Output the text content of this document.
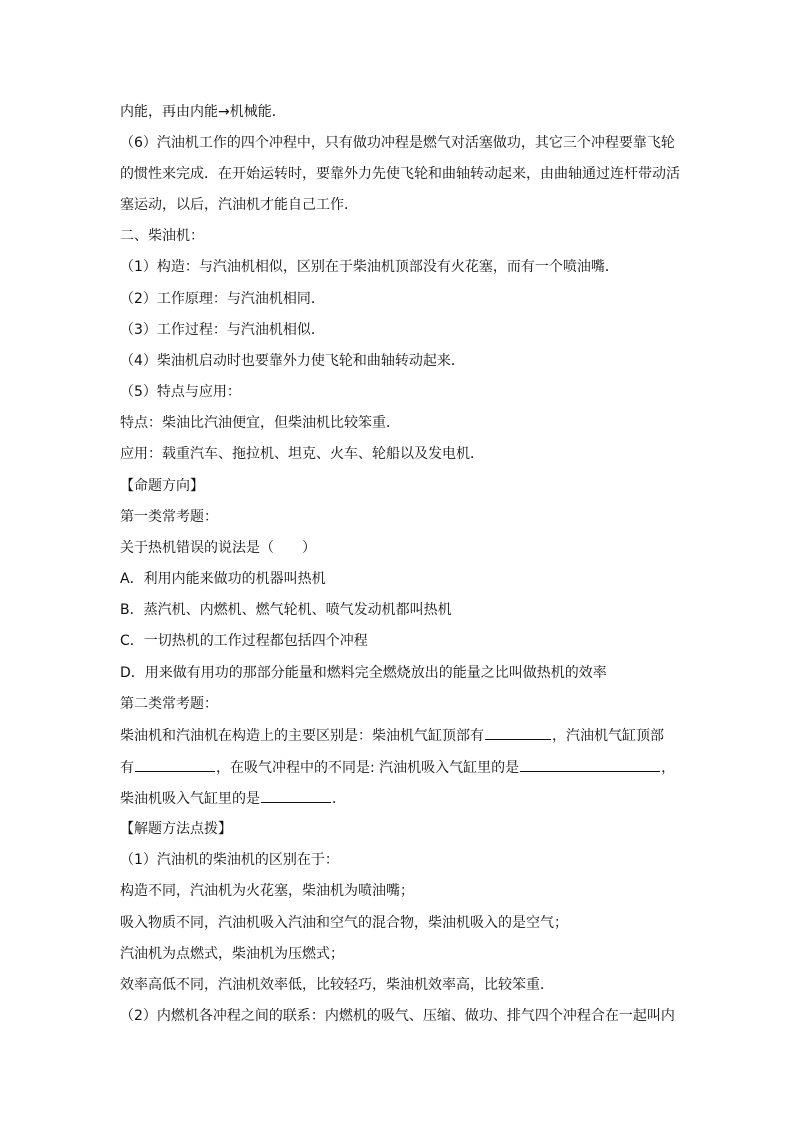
内能，再由内能→机械能．
（6）汽油机工作的四个冲程中，只有做功冲程是燃气对活塞做功，其它三个冲程要靠飞轮
的惯性来完成．在开始运转时，要靠外力先使飞轮和曲轴转动起来，由曲轴通过连杆带动活
塞运动，以后，汽油机才能自己工作．
二、柴油机：
（1）构造：与汽油机相似，区别在于柴油机顶部没有火花塞，而有一个喷油嘴．
（2）工作原理：与汽油机相同．
（3）工作过程：与汽油机相似．
（4）柴油机启动时也要靠外力使飞轮和曲轴转动起来．
（5）特点与应用：
特点：柴油比汽油便宜，但柴油机比较笨重．
应用：载重汽车、拖拉机、坦克、火车、轮船以及发电机．
【命题方向】
第一类常考题：
关于热机错误的说法是（　　）
A．利用内能来做功的机器叫热机
B．蒸汽机、内燃机、燃气轮机、喷气发动机都叫热机
C．一切热机的工作过程都包括四个冲程
D．用来做有用功的那部分能量和燃料完全燃烧放出的能量之比叫做热机的效率
第二类常考题：
柴油机和汽油机在构造上的主要区别是：柴油机气缸顶部有	，汽油机气缸顶部
有	，在吸气冲程中的不同是: 汽油机吸入气缸里的是	，
柴油机吸入气缸里的是	．
【解题方法点拨】
（1）汽油机的柴油机的区别在于：
构造不同，汽油机为火花塞，柴油机为喷油嘴；
吸入物质不同，汽油机吸入汽油和空气的混合物，柴油机吸入的是空气；
汽油机为点燃式，柴油机为压燃式；
效率高低不同，汽油机效率低，比较轻巧，柴油机效率高，比较笨重．
（2）内燃机各冲程之间的联系：内燃机的吸气、压缩、做功、排气四个冲程合在一起叫内
